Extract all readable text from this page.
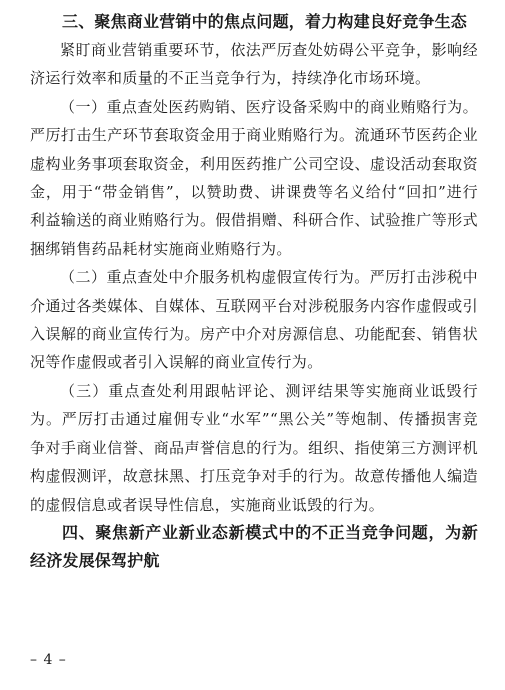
三、聚焦商业营销中的焦点问题，着力构建良好竞争生态

紧盯商业营销重要环节，依法严厉查处妨碍公平竞争，影响经济运行效率和质量的不正当竞争行为，持续净化市场环境。

（一）重点查处医药购销、医疗设备采购中的商业贿赂行为。严厉打击生产环节套取资金用于商业贿赂行为。流通环节医药企业虚构业务事项套取资金，利用医药推广公司空设、虚设活动套取资金，用于“带金销售”，以赞助费、讲课费等名义给付“回扣”进行利益输送的商业贿赂行为。假借捐赠、科研合作、试验推广等形式捆绑销售药品耗材实施商业贿赂行为。

（二）重点查处中介服务机构虚假宣传行为。严厉打击涉税中介通过各类媒体、自媒体、互联网平台对涉税服务内容作虚假或引入误解的商业宣传行为。房产中介对房源信息、功能配套、销售状况等作虚假或者引入误解的商业宣传行为。

（三）重点查处利用跟帖评论、测评结果等实施商业诋毁行为。严厉打击通过雇佣专业“水军”“黑公关”等炮制、传播损害竞争对手商业信誉、商品声誉信息的行为。组织、指使第三方测评机构虚假测评，故意抹黑、打压竞争对手的行为。故意传播他人编造的虚假信息或者误导性信息，实施商业诋毁的行为。

四、聚焦新产业新业态新模式中的不正当竞争问题，为新经济发展保驾护航

– 4 –
